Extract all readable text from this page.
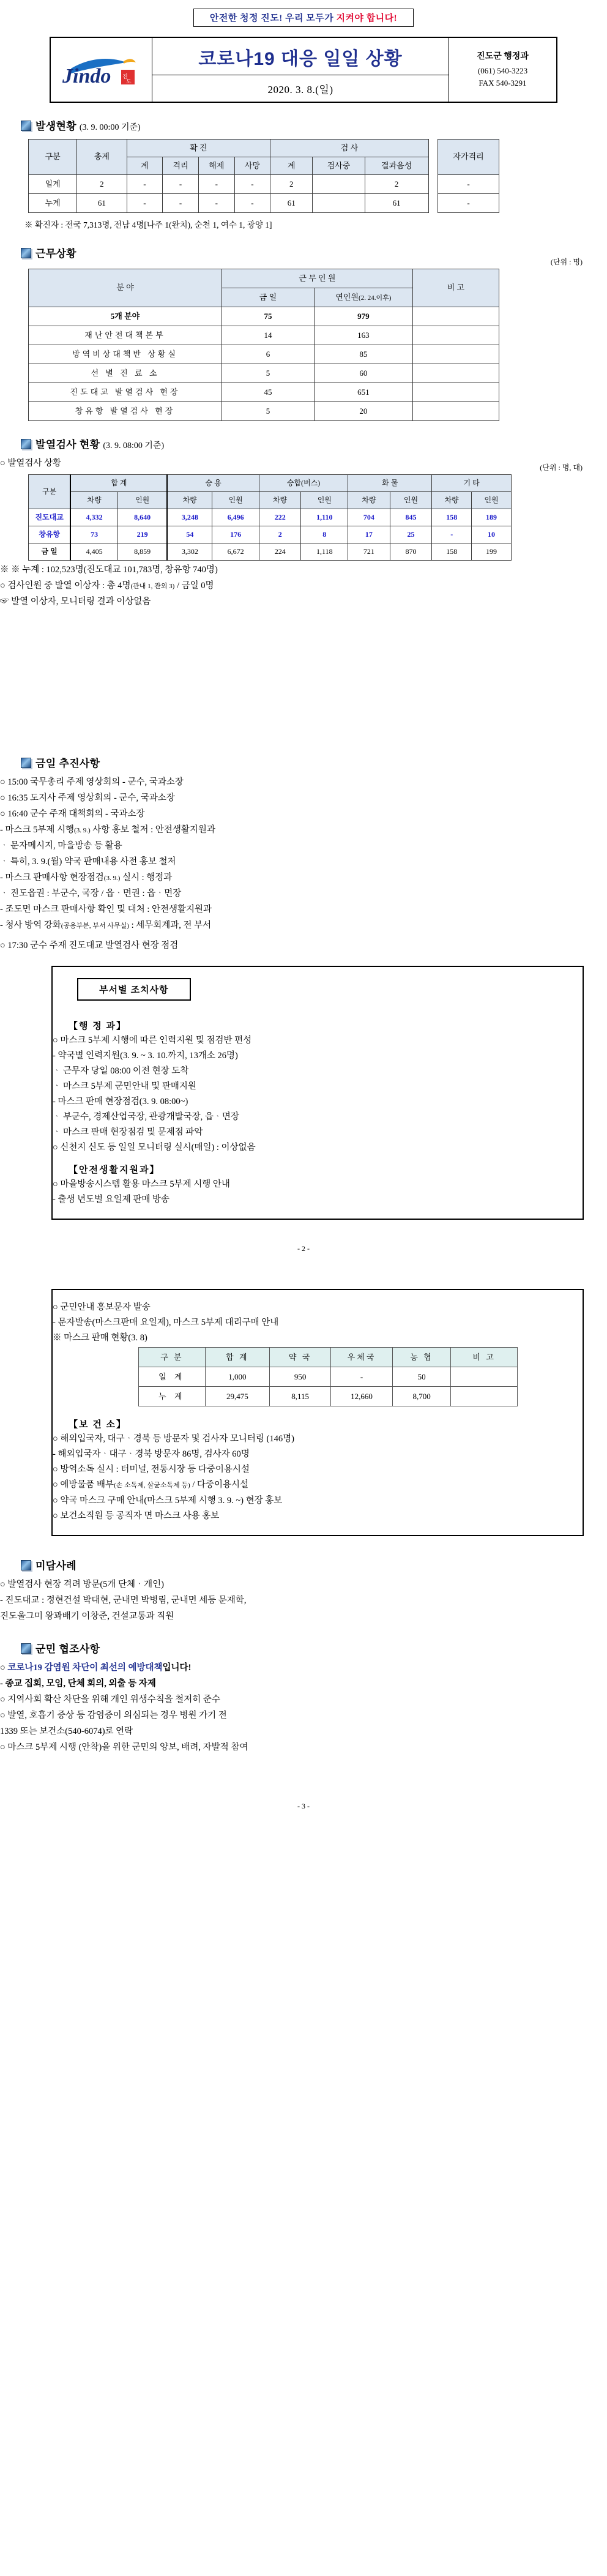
안전한 청정 진도! 우리 모두가 지켜야 합니다!
Jindo 진
도
코로나19 대응 일일 상황
2020. 3. 8.(일)
진도군 행정과
(061) 540-3223
FAX 540-3291
발생현황 (3. 9. 00:00 기준)
구분	총계	확 진				검 사				자가격리
		계	격리	해제	사망	계	검사중	결과음성		
일계	2	-	-	-	-	2		2		-
누계	61	-	-	-	-	61		61		-
※ 확진자 : 전국 7,313명, 전남 4명[나주 1(완치), 순천 1, 여수 1, 광양 1]
근무상황
(단위 : 명)
분 야	근 무 인 원		비 고
	금 일	연인원(2. 24.이후)	
5개 분야	75	979	
재난안전대책본부	14	163	
방역비상대책반 상황실	6	85	
선 별 진 료 소	5	60	
진도대교 발열검사 현장	45	651	
창유항 발열검사 현장	5	20	
발열검사 현황 (3. 9. 08:00 기준)
○ 발열검사 상황	(단위 : 명, 대)
구분	합 계		승 용		승합(버스)		화 물		기 타	
	차량	인원	차량	인원	차량	인원	차량	인원	차량	인원
진도대교	4,332	8,640	3,248	6,496	222	1,110	704	845	158	189
창유항	73	219	54	176	2	8	17	25	-	10
금 일	4,405	8,859	3,302	6,672	224	1,118	721	870	158	199
※ ※ 누계 : 102,523명(진도대교 101,783명, 창유항 740명)
○ 검사인원 중 발열 이상자 : 총 4명(관내 1, 관외 3) / 금일 0명
☞ 발열 이상자, 모니터링 결과 이상없음
금일 추진사항
○ 15:00 국무총리 주제 영상회의 - 군수, 국과소장
○ 16:35 도지사 주제 영상회의 - 군수, 국과소장
○ 16:40 군수 주재 대책회의 - 국과소장
- 마스크 5부제 시행(3. 9.) 사항 홍보 철저 : 안전생활지원과
ᆞ 문자메시지, 마을방송 등 활용
ᆞ 특히, 3. 9.(월) 약국 판매내용 사전 홍보 철저
- 마스크 판매사항 현장점검(3. 9.) 실시 : 행정과
ᆞ 진도읍권 : 부군수, 국장 / 읍ᆞ면권 : 읍ᆞ면장
- 조도면 마스크 판매사항 확인 및 대처 : 안전생활지원과
- 청사 방역 강화(공용부분, 부서 사무실) : 세무회계과, 전 부서
○ 17:30 군수 주재 진도대교 발열검사 현장 점검
부서별 조치사항
【행 정 과】
○ 마스크 5부제 시행에 따른 인력지원 및 점검반 편성
- 약국별 인력지원(3. 9. ~ 3. 10.까지, 13개소 26명)
ᆞ 근무자 당일 08:00 이전 현장 도착
ᆞ 마스크 5부제 군민안내 및 판매지원
- 마스크 판매 현장점검(3. 9. 08:00~)
ᆞ 부군수, 경제산업국장, 관광개발국장, 읍ᆞ면장
ᆞ 마스크 판매 현장점검 및 문제점 파악
○ 신천지 신도 등 일일 모니터링 실시(매일) : 이상없음
【안전생활지원과】
○ 마을방송시스템 활용 마스크 5부제 시행 안내
- 출생 년도별 요일제 판매 방송
- 2 -
○ 군민안내 홍보문자 발송
- 문자발송(마스크판매 요일제), 마스크 5부제 대리구매 안내
※ 마스크 판매 현황(3. 8)
구 분	합 계	약 국	우체국	농 협	비 고
일 계	1,000	950	-	50	
누 계	29,475	8,115	12,660	8,700	
【보 건 소】
○ 해외입국자, 대구ᆞ경북 등 방문자 및 검사자 모니터링 (146명)
- 해외입국자ᆞ대구ᆞ경북 방문자 86명, 검사자 60명
○ 방역소독 실시 : 터미널, 전통시장 등 다중이용시설
○ 예방물품 배부(손 소독제, 살균소독제 등) / 다중이용시설
○ 약국 마스크 구매 안내(마스크 5부제 시행 3. 9. ~) 현장 홍보
○ 보건소직원 등 공직자 면 마스크 사용 홍보
미담사례
○ 발열검사 현장 격려 방문(5개 단체ᆞ개인)
- 진도대교 : 정현건설 박대현, 군내면 박병림, 군내면 세등 문재학,
진도울그미 왕꽈배기 이창준, 건설교통과 직원
군민 협조사항
○ 코로나19 감염원 차단이 최선의 예방대책입니다!
- 종교 집회, 모임, 단체 회의, 외출 등 자제
○ 지역사회 확산 차단을 위해 개인 위생수칙을 철저히 준수
○ 발열, 호흡기 증상 등 감염증이 의심되는 경우 병원 가기 전
1339 또는 보건소(540-6074)로 연락
○ 마스크 5부제 시행 (안착)을 위한 군민의 양보, 배려, 자발적 참여
- 3 -
